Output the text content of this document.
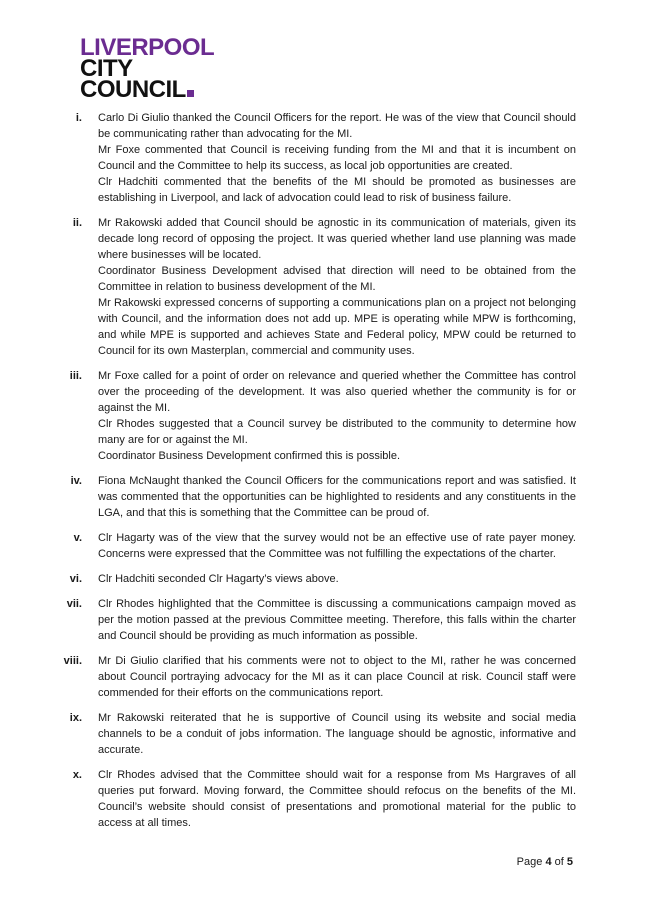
LIVERPOOL
CITY
COUNCIL
i. Carlo Di Giulio thanked the Council Officers for the report. He was of the view that Council should be communicating rather than advocating for the MI.

Mr Foxe commented that Council is receiving funding from the MI and that it is incumbent on Council and the Committee to help its success, as local job opportunities are created.

Clr Hadchiti commented that the benefits of the MI should be promoted as businesses are establishing in Liverpool, and lack of advocation could lead to risk of business failure.

ii. Mr Rakowski added that Council should be agnostic in its communication of materials, given its decade long record of opposing the project. It was queried whether land use planning was made where businesses will be located.

Coordinator Business Development advised that direction will need to be obtained from the Committee in relation to business development of the MI.

Mr Rakowski expressed concerns of supporting a communications plan on a project not belonging with Council, and the information does not add up. MPE is operating while MPW is forthcoming, and while MPE is supported and achieves State and Federal policy, MPW could be returned to Council for its own Masterplan, commercial and community uses.

iii. Mr Foxe called for a point of order on relevance and queried whether the Committee has control over the proceeding of the development. It was also queried whether the community is for or against the MI.

Clr Rhodes suggested that a Council survey be distributed to the community to determine how many are for or against the MI.

Coordinator Business Development confirmed this is possible.

iv. Fiona McNaught thanked the Council Officers for the communications report and was satisfied. It was commented that the opportunities can be highlighted to residents and any constituents in the LGA, and that this is something that the Committee can be proud of.

v. Clr Hagarty was of the view that the survey would not be an effective use of rate payer money. Concerns were expressed that the Committee was not fulfilling the expectations of the charter.

vi. Clr Hadchiti seconded Clr Hagarty’s views above.

vii. Clr Rhodes highlighted that the Committee is discussing a communications campaign moved as per the motion passed at the previous Committee meeting. Therefore, this falls within the charter and Council should be providing as much information as possible.

viii. Mr Di Giulio clarified that his comments were not to object to the MI, rather he was concerned about Council portraying advocacy for the MI as it can place Council at risk. Council staff were commended for their efforts on the communications report.

ix. Mr Rakowski reiterated that he is supportive of Council using its website and social media channels to be a conduit of jobs information. The language should be agnostic, informative and accurate.

x. Clr Rhodes advised that the Committee should wait for a response from Ms Hargraves of all queries put forward. Moving forward, the Committee should refocus on the benefits of the MI. Council’s website should consist of presentations and promotional material for the public to access at all times.

Page 4 of 5
